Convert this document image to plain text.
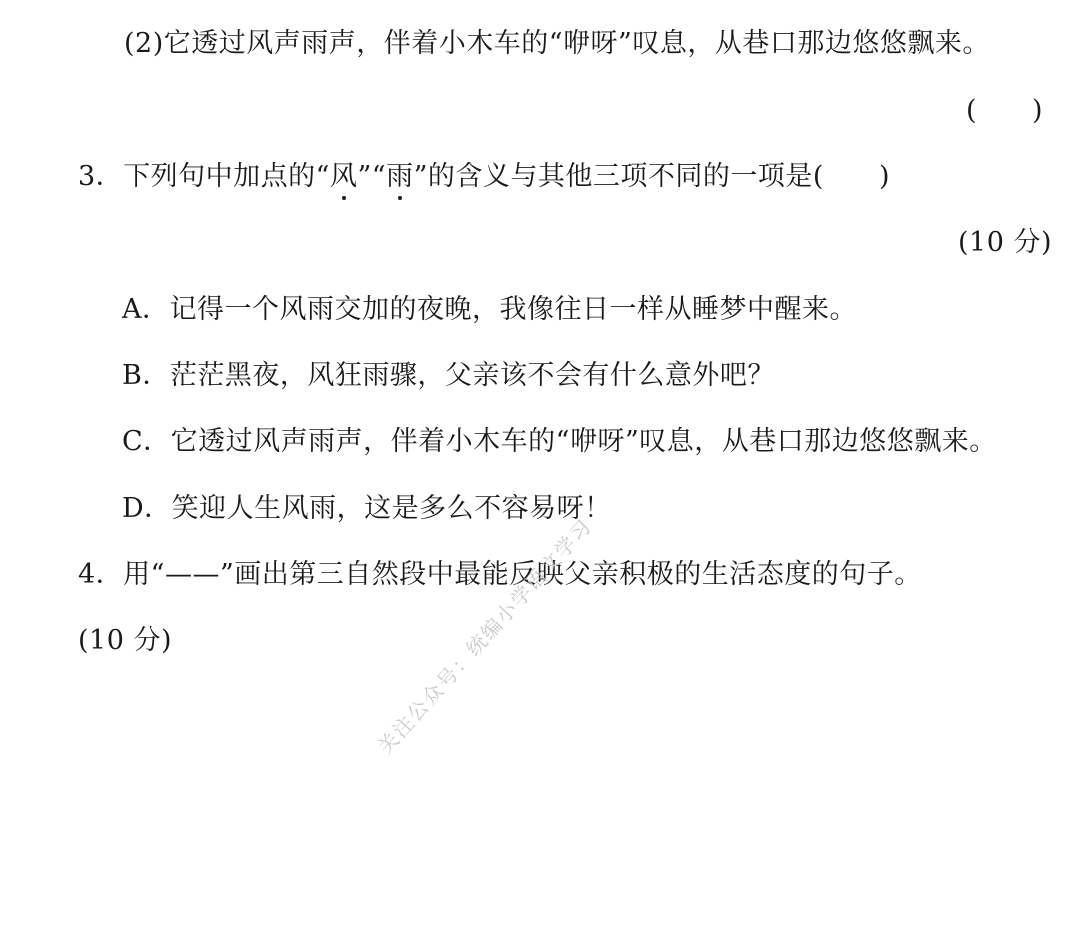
(2)它透过风声雨声，伴着小木车的“咿呀”叹息，从巷口那边悠悠飘来。
(　　)
3．下列句中加点的“风”“雨”的含义与其他三项不同的一项是(　　)
(10 分)
A．记得一个风雨交加的夜晚，我像往日一样从睡梦中醒来。
B．茫茫黑夜，风狂雨骤，父亲该不会有什么意外吧？
C．它透过风声雨声，伴着小木车的“咿呀”叹息，从巷口那边悠悠飘来。
D．笑迎人生风雨，这是多么不容易呀！
4．用“——”画出第三自然段中最能反映父亲积极的生活态度的句子。
(10 分)	关注公众号：统编小学语文学习
